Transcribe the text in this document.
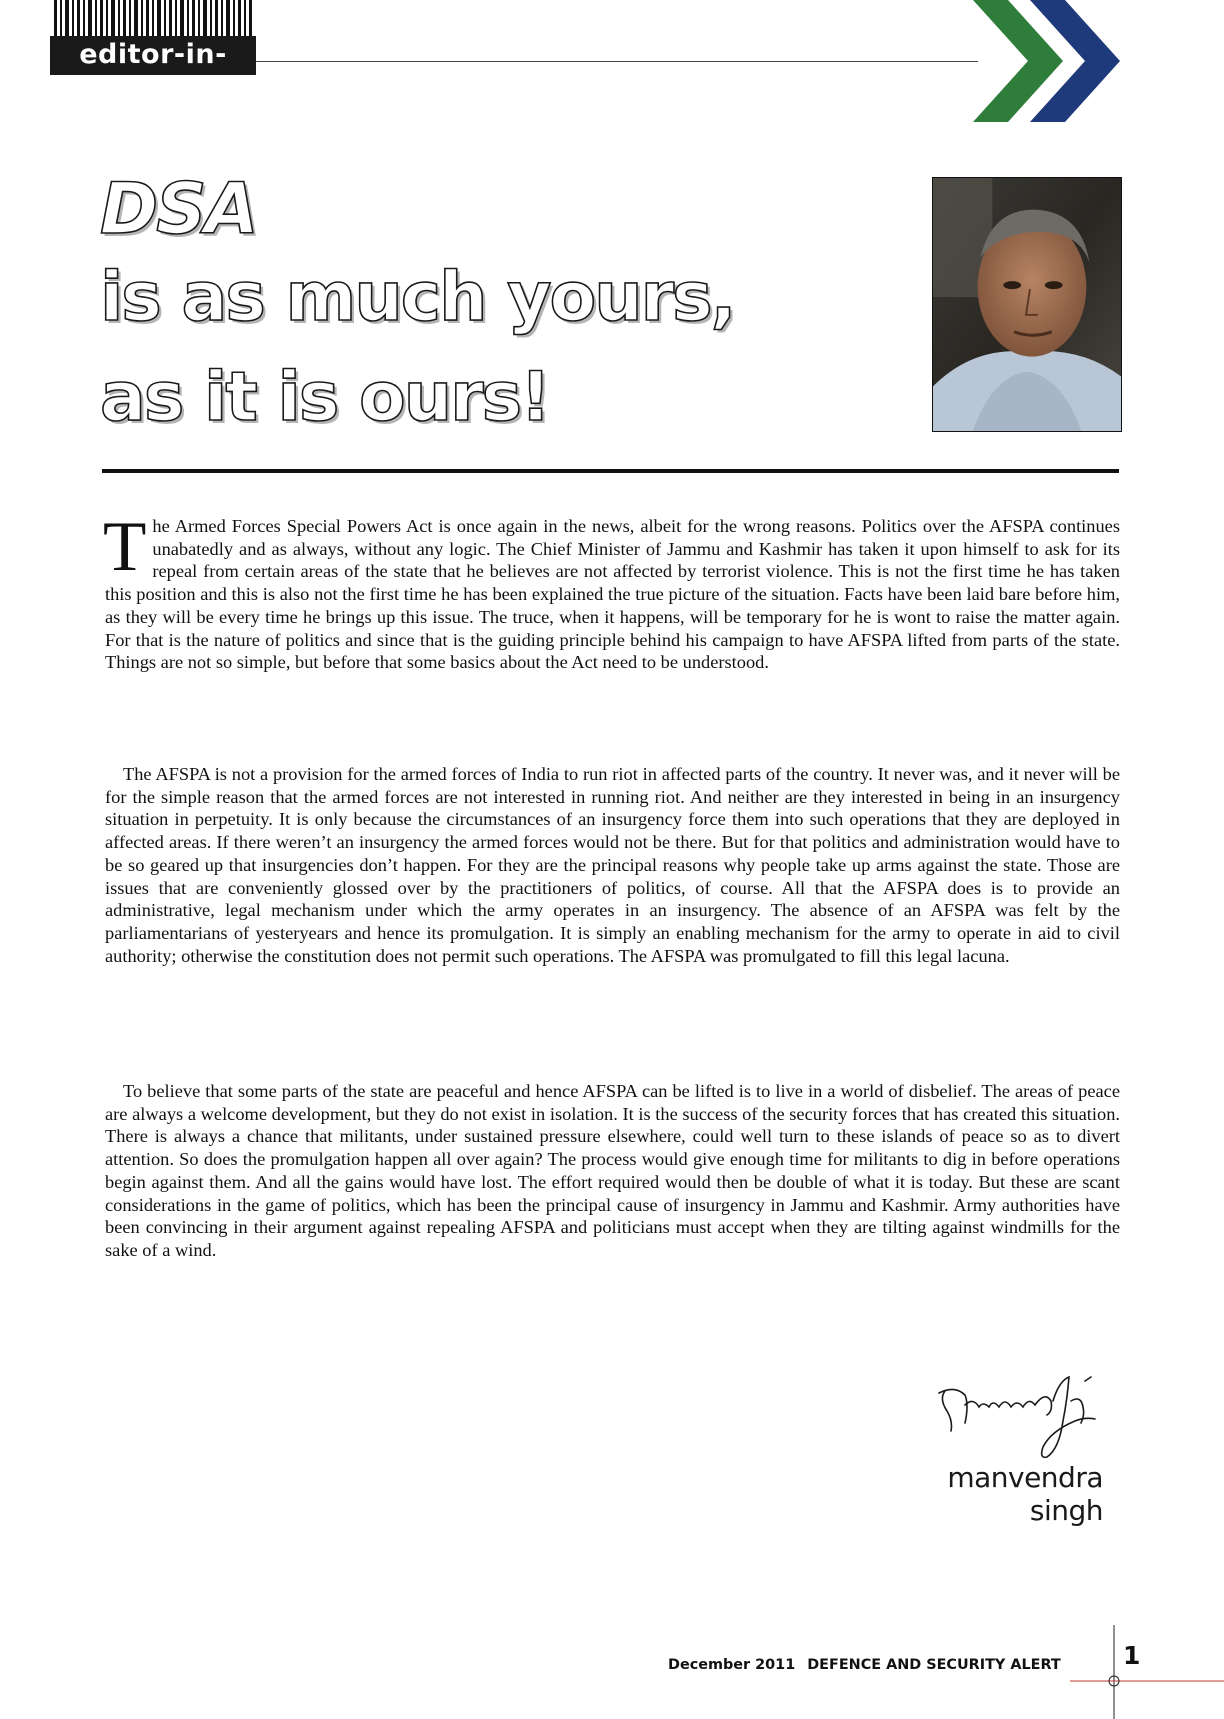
editor-in-chief
DSA
is as much yours,
as it is ours!
The Armed Forces Special Powers Act is once again in the news, albeit for the wrong reasons. Politics over the AFSPA continues unabatedly and as always, without any logic. The Chief Minister of Jammu and Kashmir has taken it upon himself to ask for its repeal from certain areas of the state that he believes are not affected by terrorist violence. This is not the first time he has taken this position and this is also not the first time he has been explained the true picture of the situation. Facts have been laid bare before him, as they will be every time he brings up this issue. The truce, when it happens, will be temporary for he is wont to raise the matter again. For that is the nature of politics and since that is the guiding principle behind his campaign to have AFSPA lifted from parts of the state. Things are not so simple, but before that some basics about the Act need to be understood.
The AFSPA is not a provision for the armed forces of India to run riot in affected parts of the country. It never was, and it never will be for the simple reason that the armed forces are not interested in running riot. And neither are they interested in being in an insurgency situation in perpetuity. It is only because the circumstances of an insurgency force them into such operations that they are deployed in affected areas. If there weren’t an insurgency the armed forces would not be there. But for that politics and administration would have to be so geared up that insurgencies don’t happen. For they are the principal reasons why people take up arms against the state. Those are issues that are conveniently glossed over by the practitioners of politics, of course. All that the AFSPA does is to provide an administrative, legal mechanism under which the army operates in an insurgency. The absence of an AFSPA was felt by the parliamentarians of yesteryears and hence its promulgation. It is simply an enabling mechanism for the army to operate in aid to civil authority; otherwise the constitution does not permit such operations. The AFSPA was promulgated to fill this legal lacuna.
To believe that some parts of the state are peaceful and hence AFSPA can be lifted is to live in a world of disbelief. The areas of peace are always a welcome development, but they do not exist in isolation. It is the success of the security forces that has created this situation. There is always a chance that militants, under sustained pressure elsewhere, could well turn to these islands of peace so as to divert attention. So does the promulgation happen all over again? The process would give enough time for militants to dig in before operations begin against them. And all the gains would have lost. The effort required would then be double of what it is today. But these are scant considerations in the game of politics, which has been the principal cause of insurgency in Jammu and Kashmir. Army authorities have been convincing in their argument against repealing AFSPA and politicians must accept when they are tilting against windmills for the sake of a wind.
manvendra singh
December 2011 DEFENCE AND SECURITY ALERT 1
